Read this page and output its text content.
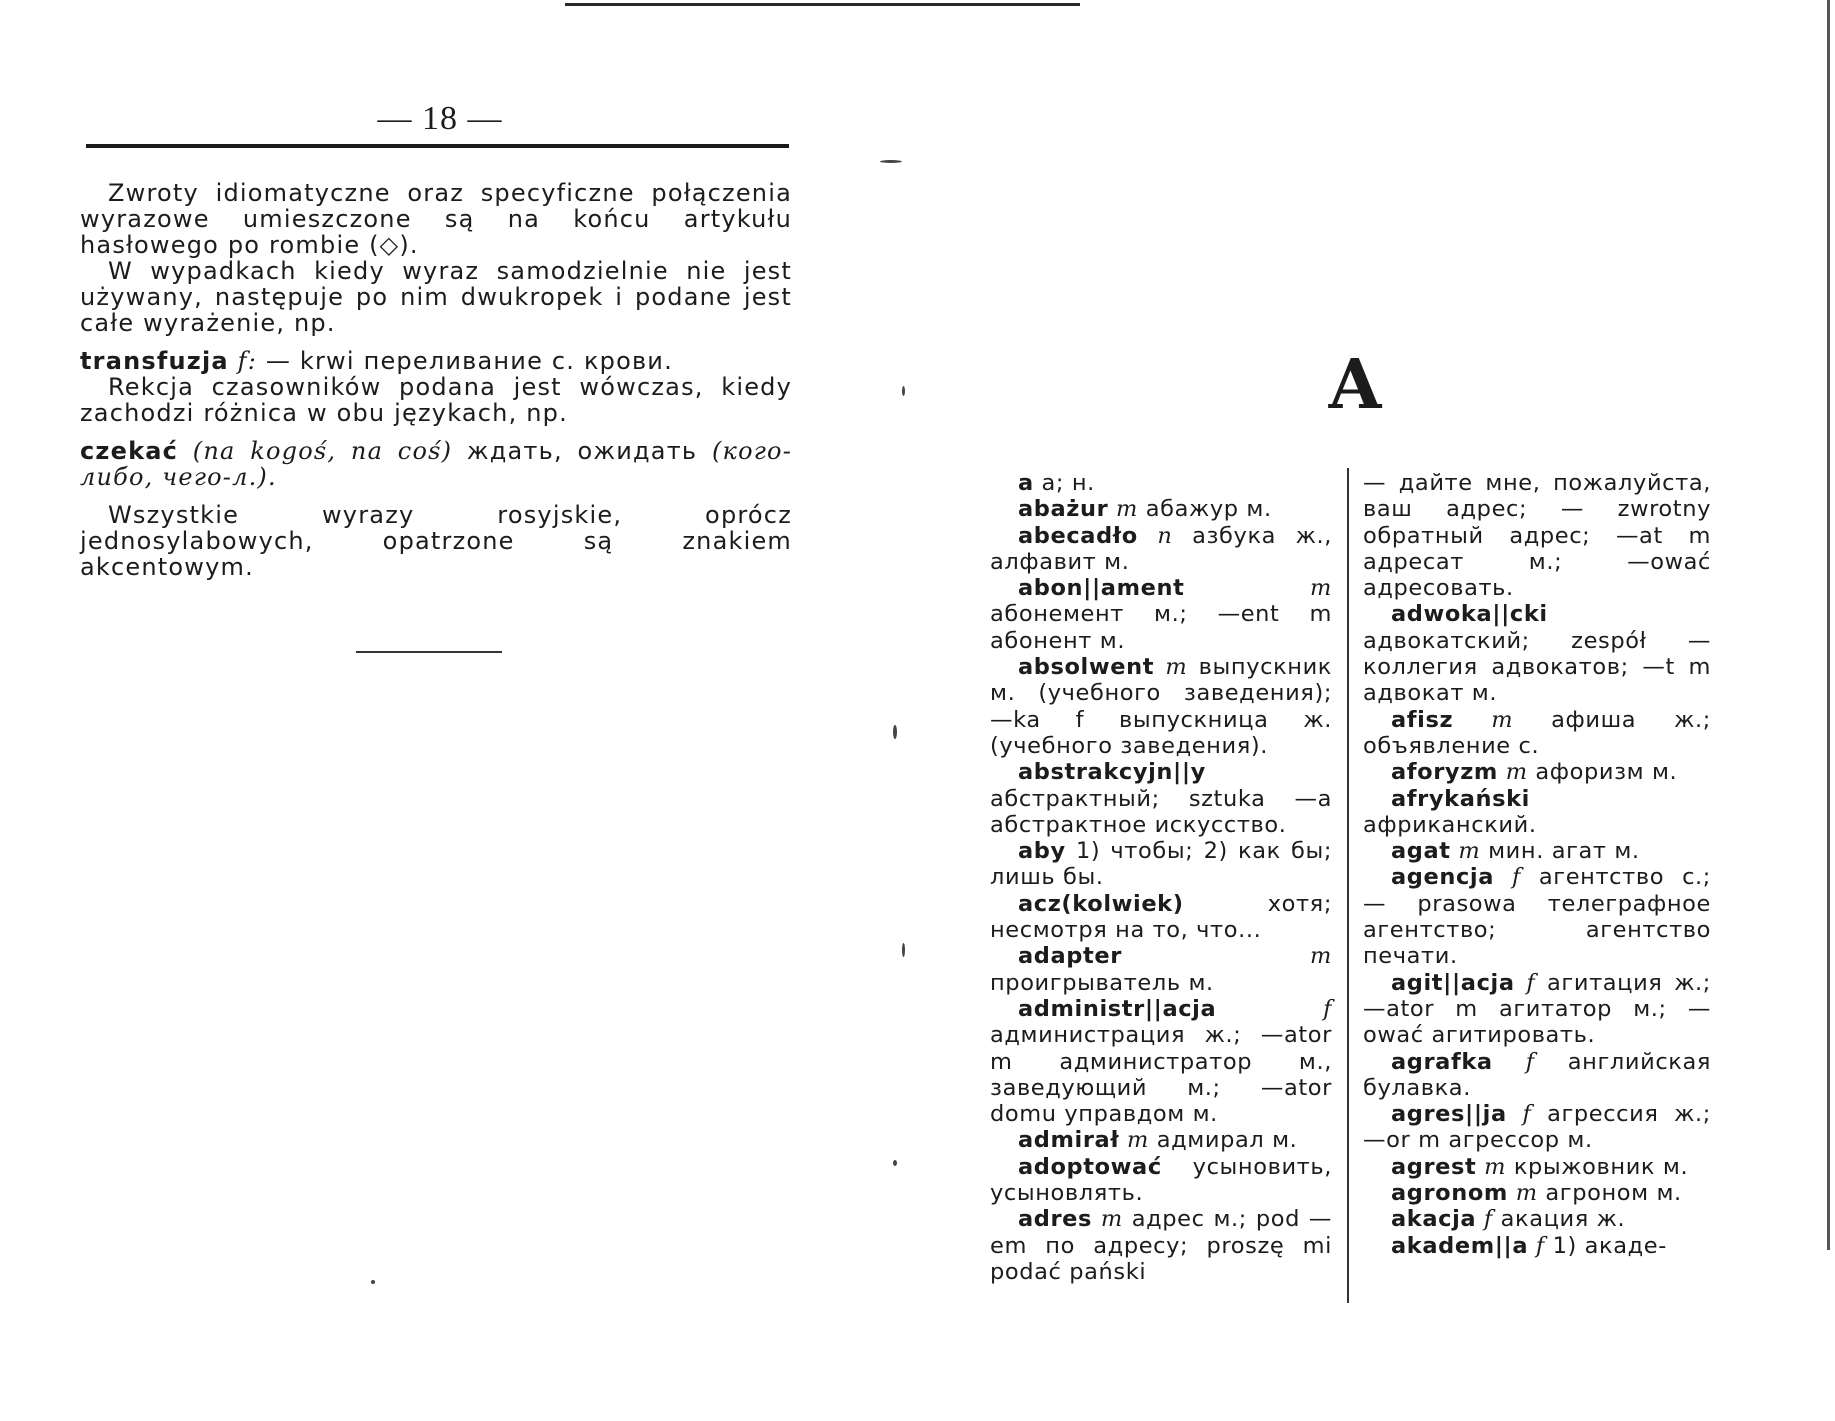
— 18 —

Zwroty idiomatyczne oraz specyficzne połączenia wyrazowe umieszczone są na końcu artykułu hasłowego po rombie (◇).

W wypadkach kiedy wyraz samodzielnie nie jest używany, następuje po nim dwukropek i podane jest całe wyrażenie, np.

transfuzja f: — krwi переливание с. крови.

Rekcja czasowników podana jest wówczas, kiedy zachodzi różnica w obu językach, np.

czekać (na kogoś, na coś) ждать, ожидать (кого-либо, чего-л.).

Wszystkie wyrazy rosyjskie, oprócz jednosylabowych, opatrzone są znakiem akcentowym.

A

a a; н.

abażur m абажур м.

abecadło n азбука ж., алфавит м.

abon||ament m абонемент м.; —ent m абонент м.

absolwent m выпускник м. (учебного заведения); —ka f выпускница ж. (учебного заведения).

abstrakcyjn||y абстрактный; sztuka —a абстрактное искусство.

aby 1) чтобы; 2) как бы; лишь бы.

acz(kolwiek) хотя; несмотря на то, что...

adapter m проигрыватель м.

administr||acja f администрация ж.; —ator m администратор м., заведующий м.; —ator domu управдом м.

admirał m адмирал м.

adoptować усыновить, усыновлять.

adres m адрес м.; pod —em по адресу; proszę mi podać pański

— дайте мне, пожалуйста, ваш адрес; — zwrotny обратный адрес; —at m адресат м.; —ować адресовать.

adwoka||cki адвокатский; zespół — коллегия адвокатов; —t m адвокат м.

afisz m афиша ж.; объявление с.

aforyzm m афоризм м.

afrykański африканский.

agat m мин. агат м.

agencja f агентство с.; — prasowa телеграфное агентство; агентство печати.

agit||acja f агитация ж.; —ator m агитатор м.; —ować агитировать.

agrafka f английская булавка.

agres||ja f агрессия ж.; —or m агрессор м.

agrest m крыжовник м.

agronom m агроном м.

akacja f акация ж.

akadem||a f 1) акаде-
